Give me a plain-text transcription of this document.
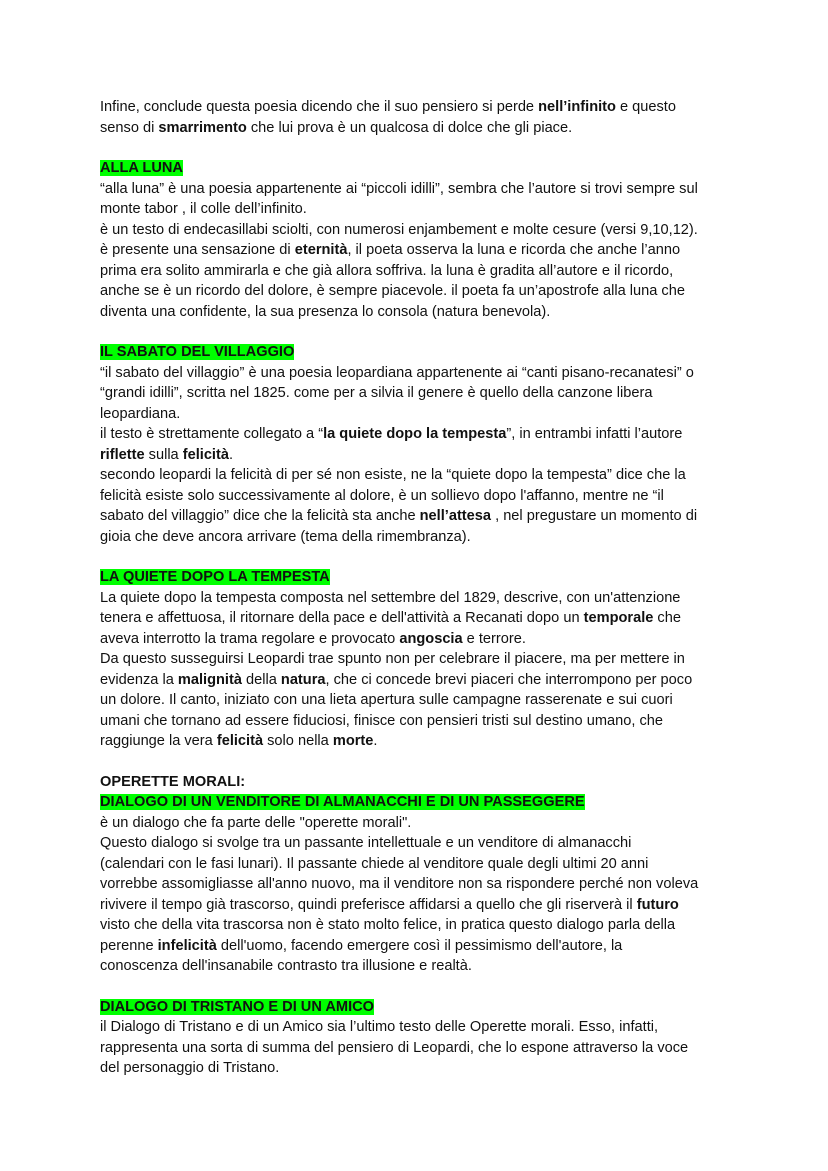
Infine, conclude questa poesia dicendo che il suo pensiero si perde nell’infinito e questo

senso di smarrimento che lui prova è un qualcosa di dolce che gli piace.

ALLA LUNA

“alla luna” è una poesia appartenente ai “piccoli idilli”, sembra che l’autore si trovi sempre sul

monte tabor , il colle dell’infinito.

è un testo di endecasillabi sciolti, con numerosi enjambement e molte cesure (versi 9,10,12).

è presente una sensazione di eternità, il poeta osserva la luna e ricorda che anche l’anno

prima era solito ammirarla e che già allora soffriva. la luna è gradita all’autore e il ricordo,

anche se è un ricordo del dolore, è sempre piacevole. il poeta fa un’apostrofe alla luna che

diventa una confidente, la sua presenza lo consola (natura benevola).

IL SABATO DEL VILLAGGIO

“il sabato del villaggio” è una poesia leopardiana appartenente ai “canti pisano-recanatesi” o

“grandi idilli”, scritta nel 1825. come per a silvia il genere è quello della canzone libera

leopardiana.

il testo è strettamente collegato a “la quiete dopo la tempesta”, in entrambi infatti l’autore

riflette sulla felicità.

secondo leopardi la felicità di per sé non esiste, ne la “quiete dopo la tempesta” dice che la

felicità esiste solo successivamente al dolore, è un sollievo dopo l'affanno, mentre ne “il

sabato del villaggio” dice che la felicità sta anche nell’attesa , nel pregustare un momento di

gioia che deve ancora arrivare (tema della rimembranza).

LA QUIETE DOPO LA TEMPESTA

La quiete dopo la tempesta composta nel settembre del 1829, descrive, con un'attenzione

tenera e affettuosa, il ritornare della pace e dell'attività a Recanati dopo un temporale che

aveva interrotto la trama regolare e provocato angoscia e terrore.

Da questo susseguirsi Leopardi trae spunto non per celebrare il piacere, ma per mettere in

evidenza la malignità della natura, che ci concede brevi piaceri che interrompono per poco

un dolore. Il canto, iniziato con una lieta apertura sulle campagne rasserenate e sui cuori

umani che tornano ad essere fiduciosi, finisce con pensieri tristi sul destino umano, che

raggiunge la vera felicità solo nella morte.

OPERETTE MORALI:
DIALOGO DI UN VENDITORE DI ALMANACCHI E DI UN PASSEGGERE

è un dialogo che fa parte delle "operette morali".

Questo dialogo si svolge tra un passante intellettuale e un venditore di almanacchi

(calendari con le fasi lunari). Il passante chiede al venditore quale degli ultimi 20 anni

vorrebbe assomigliasse all'anno nuovo, ma il venditore non sa rispondere perché non voleva

rivivere il tempo già trascorso, quindi preferisce affidarsi a quello che gli riserverà il futuro

visto che della vita trascorsa non è stato molto felice, in pratica questo dialogo parla della

perenne infelicità dell'uomo, facendo emergere così il pessimismo dell'autore, la

conoscenza dell'insanabile contrasto tra illusione e realtà.

DIALOGO DI TRISTANO E DI UN AMICO

il Dialogo di Tristano e di un Amico sia l’ultimo testo delle Operette morali. Esso, infatti,

rappresenta una sorta di summa del pensiero di Leopardi, che lo espone attraverso la voce

del personaggio di Tristano.
